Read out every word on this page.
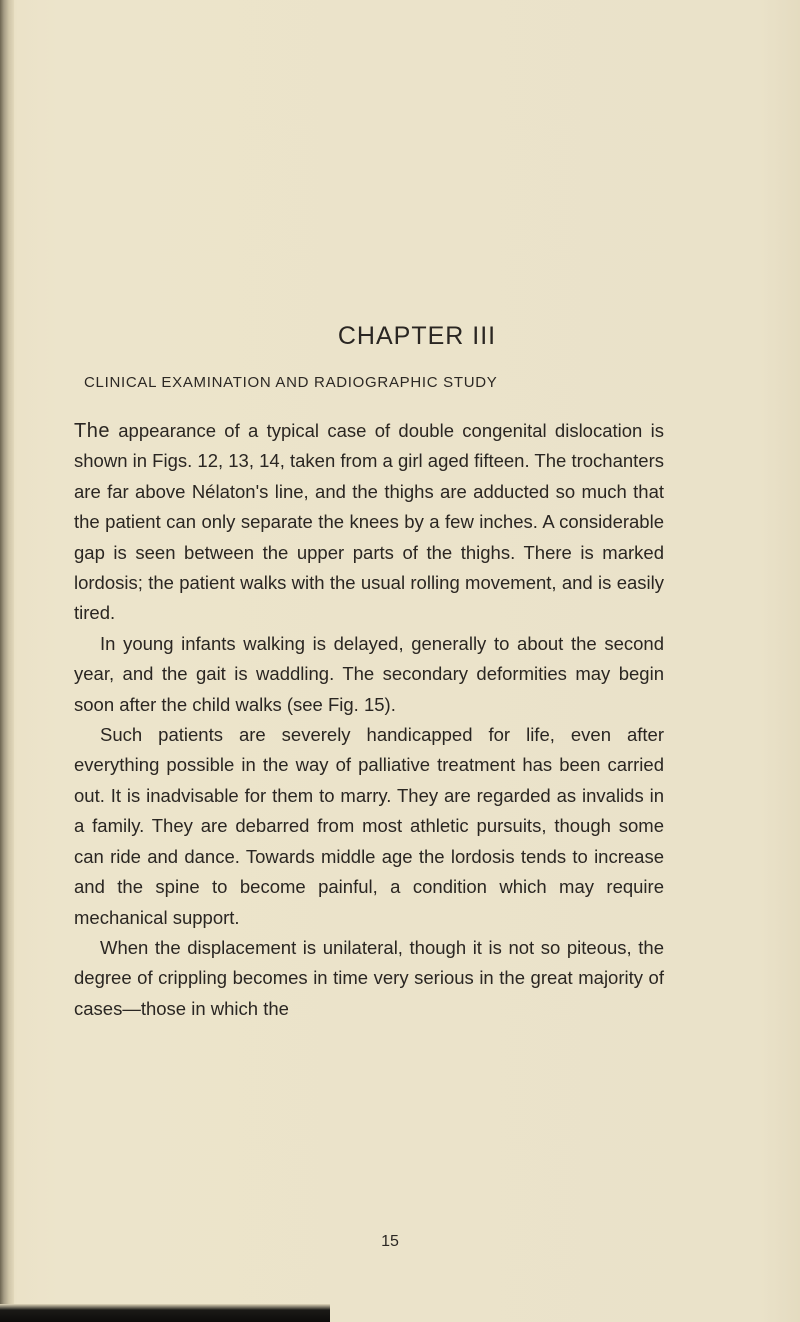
CHAPTER III
CLINICAL EXAMINATION AND RADIOGRAPHIC STUDY

The appearance of a typical case of double congenital dislocation is shown in Figs. 12, 13, 14, taken from a girl aged fifteen. The trochanters are far above Nélaton's line, and the thighs are adducted so much that the patient can only separate the knees by a few inches. A considerable gap is seen between the upper parts of the thighs. There is marked lordosis; the patient walks with the usual rolling movement, and is easily tired.

In young infants walking is delayed, generally to about the second year, and the gait is waddling. The secondary deformities may begin soon after the child walks (see Fig. 15).

Such patients are severely handicapped for life, even after everything possible in the way of palliative treatment has been carried out. It is inadvisable for them to marry. They are regarded as invalids in a family. They are debarred from most athletic pursuits, though some can ride and dance. Towards middle age the lordosis tends to increase and the spine to become painful, a condition which may require mechanical support.

When the displacement is unilateral, though it is not so piteous, the degree of crippling becomes in time very serious in the great majority of cases—those in which the

15
